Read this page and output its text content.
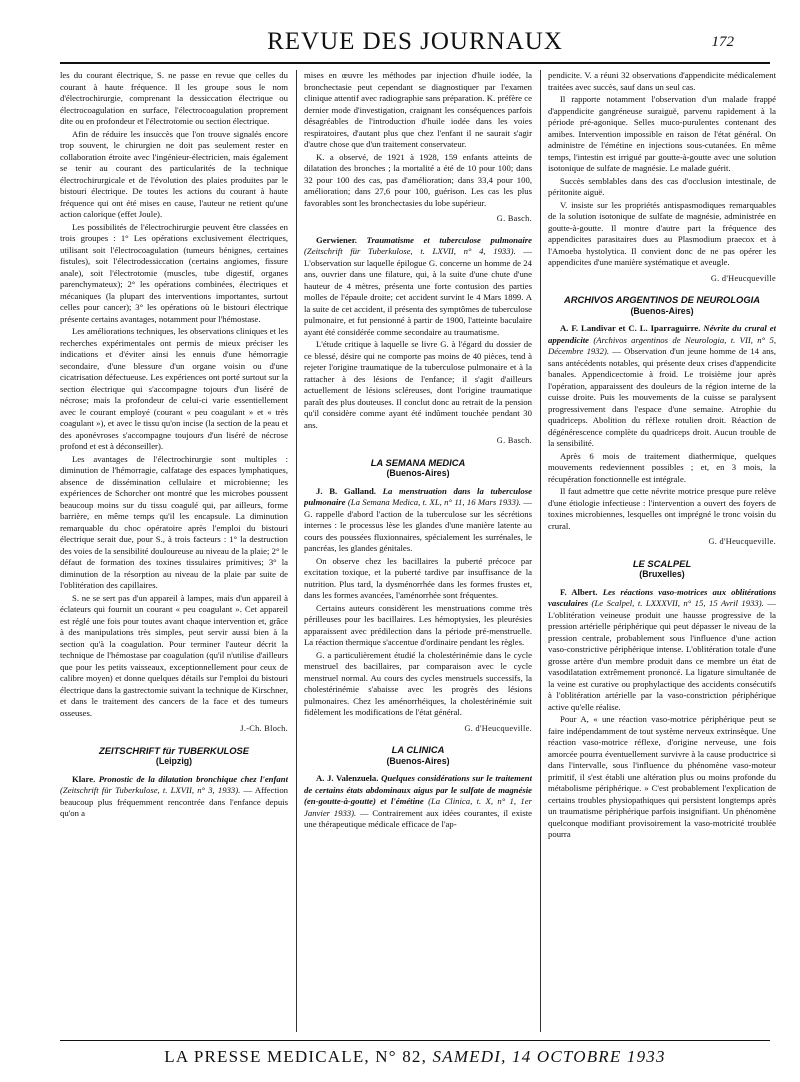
REVUE DES JOURNAUX	172

les du courant électrique, S. ne passe en revue que celles du courant à haute fréquence. Il les groupe sous le nom d'électrochirurgie, comprenant la dessiccation électrique ou électrocoagulation en surface, l'électrocoagulation proprement dite ou en profondeur et l'électrotomie ou section électrique.

Afin de réduire les insuccès que l'on trouve signalés encore trop souvent, le chirurgien ne doit pas seulement rester en collaboration étroite avec l'ingénieur-électricien, mais également se tenir au courant des particularités de la technique électrochirurgicale et de l'évolution des plaies produites par le bistouri électrique. De toutes les actions du courant à haute fréquence qui ont été mises en cause, l'auteur ne retient qu'une action calorique (effet Joule).

Les possibilités de l'électrochirurgie peuvent être classées en trois groupes : 1° Les opérations exclusivement électriques, utilisant soit l'électrocoagulation (tumeurs bénignes, certaines fistules), soit l'électrodessiccation (certains angiomes, fissure anale), soit l'électrotomie (muscles, tube digestif, organes parenchymateux); 2° les opérations combinées, électriques et mécaniques (la plupart des interventions importantes, surtout celles pour cancer); 3° les opérations où le bistouri électrique présente certains avantages, notamment pour l'hémostase.

Les améliorations techniques, les observations cliniques et les recherches expérimentales ont permis de mieux préciser les indications et d'éviter ainsi les ennuis d'une hémorragie secondaire, d'une blessure d'un organe voisin ou d'une cicatrisation défectueuse. Les expériences ont porté surtout sur la section électrique qui s'accompagne tojours d'un liséré de nécrose; mais la profondeur de celui-ci varie essentiellement avec le courant employé (courant « peu coagulant » et « très coagulant »), et avec le tissu qu'on incise (la section de la peau et des aponévroses s'accompagne toujours d'un liséré de nécrose profond et est à déconseiller).

Les avantages de l'électrochirurgie sont multiples : diminution de l'hémorragie, calfatage des espaces lymphatiques, absence de dissémination cellulaire et microbienne; les expériences de Schorcher ont montré que les microbes poussent beaucoup moins sur du tissu coagulé qui, par ailleurs, forme barrière, en même temps qu'il les encapsule. La diminution remarquable du choc opératoire après l'emploi du bistouri électrique serait due, pour S., à trois facteurs : 1° la destruction des voies de la sensibilité douloureuse au niveau de la plaie; 2° le défaut de formation des toxines tissulaires primitives; 3° la diminution de la résorption au niveau de la plaie par suite de l'oblitération des capillaires.

S. ne se sert pas d'un appareil à lampes, mais d'un appareil à éclateurs qui fournit un courant « peu coagulant ». Cet appareil est réglé une fois pour toutes avant chaque intervention et, grâce à des manipulations très simples, peut servir aussi bien à la section qu'à la coagulation. Pour terminer l'auteur décrit la technique de l'hémostase par coagulation (qu'il n'utilise d'ailleurs que pour les petits vaisseaux, exceptionnellement pour ceux de calibre moyen) et donne quelques détails sur l'emploi du bistouri électrique dans la gastrectomie suivant la technique de Kirschner, et dans le traitement des cancers de la face et des tumeurs osseuses.

J.-Ch. Bloch.
ZEITSCHRIFT für TUBERKULOSE
(Leipzig)

Klare. Pronostic de la dilatation bronchique chez l'enfant (Zeitschrift für Tuberkulose, t. LXVII, n° 3, 1933). — Affection beaucoup plus fréquemment rencontrée dans l'enfance depuis qu'on a

mises en œuvre les méthodes par injection d'huile iodée, la bronchectasie peut cependant se diagnostiquer par l'examen clinique attentif avec radiographie sans préparation. K. préfère ce dernier mode d'investigation, craignant les conséquences parfois désagréables de l'introduction d'huile iodée dans les voies respiratoires, d'autant plus que chez l'enfant il ne saurait s'agir d'autre chose que d'un traitement conservateur.

K. a observé, de 1921 à 1928, 159 enfants atteints de dilatation des bronches ; la mortalité a été de 10 pour 100; dans 32 pour 100 des cas, pas d'amélioration; dans 33,4 pour 100, amélioration; dans 27,6 pour 100, guérison. Les cas les plus favorables sont les bronchectasies du lobe supérieur.

G. Basch.

Gerwiener. Traumatisme et tuberculose pulmonaire (Zeitschrift für Tuberkulose, t. LXVII, n° 4, 1933). — L'observation sur laquelle épilogue G. concerne un homme de 24 ans, ouvrier dans une filature, qui, à la suite d'une chute d'une hauteur de 4 mètres, présenta une forte contusion des parties molles de l'épaule droite; cet accident survint le 4 Mars 1899. A la suite de cet accident, il présenta des symptômes de tuberculose pulmonaire, et fut pensionné à partir de 1900, l'atteinte baculaire ayant été considérée comme secondaire au traumatisme.

L'étude critique à laquelle se livre G. à l'égard du dossier de ce blessé, désire qui ne comporte pas moins de 40 pièces, tend à rejeter l'origine traumatique de la tuberculose pulmonaire et à la rattacher à des lésions de l'enfance; il s'agit d'ailleurs actuellement de lésions scléreuses, dont l'origine traumatique paraît des plus douteuses. Il conclut donc au retrait de la pension qu'il considère comme ayant été indûment touchée pendant 30 ans.

G. Basch.
LA SEMANA MEDICA
(Buenos-Aires)

J. B. Galland. La menstruation dans la tuberculose pulmonaire (La Semana Medica, t. XL, n° 11, 16 Mars 1933). — G. rappelle d'abord l'action de la tuberculose sur les sécrétions internes : le processus lèse les glandes d'une manière latente au cours des poussées fluxionnaires, spécialement les surrénales, le pancréas, les glandes génitales.

On observe chez les bacillaires la puberté précoce par excitation toxique, et la puberté tardive par insuffisance de la nutrition. Plus tard, la dysménorrhée dans les formes frustes et, dans les formes avancées, l'aménorrhée sont fréquentes.

Certains auteurs considèrent les menstruations comme très périlleuses pour les bacillaires. Les hémoptysies, les pleurésies apparaissent avec prédilection dans la période pré-menstruelle. La réaction thermique s'accentue d'ordinaire pendant les règles.

G. a particulièrement étudié la cholestérinémie dans le cycle menstruel des bacillaires, par comparaison avec le cycle menstruel normal. Au cours des cycles menstruels successifs, la cholestérinémie s'abaisse avec les progrès des lésions pulmonaires. Chez les aménorrhéiques, la cholestérinémie suit fidèlement les modifications de l'état général.

G. d'Heucqueville.
LA CLINICA
(Buenos-Aires)

A. J. Valenzuela. Quelques considérations sur le traitement de certains états abdominaux aigus par le sulfate de magnésie (en-goutte-à-goutte) et l'émétine (La Clinica, t. X, n° 1, 1er Janvier 1933). — Contrairement aux idées courantes, il existe une thérapeutique médicale efficace de l'ap-

pendicite. V. a réuni 32 observations d'appendicite médicalement traitées avec succès, sauf dans un seul cas.

Il rapporte notamment l'observation d'un malade frappé d'appendicite gangréneuse suraiguë, parvenu rapidement à la période pré-agonique. Selles muco-purulentes contenant des amibes. Intervention impossible en raison de l'état général. On administre de l'émétine en injections sous-cutanées. En même temps, l'intestin est irrigué par goutte-à-goutte avec une solution isotonique de sulfate de magnésie. Le malade guérit.

Succès semblables dans des cas d'occlusion intestinale, de péritonite aiguë.

V. insiste sur les propriétés antispasmodiques remarquables de la solution isotonique de sulfate de magnésie, administrée en goutte-à-goutte. Il montre d'autre part la fréquence des appendicites parasitaires dues au Plasmodium praecox et à l'Amoeba hystolytica. Il convient donc de ne pas opérer les appendicites d'une manière systématique et aveugle.

G. d'Heucqueville
ARCHIVOS ARGENTINOS DE NEUROLOGIA
(Buenos-Aires)

A. F. Landivar et C. L. Iparraguirre. Névrite du crural et appendicite (Archivos argentinos de Neurologia, t. VII, n° 5, Décembre 1932). — Observation d'un jeune homme de 14 ans, sans antécédents notables, qui présente deux crises d'appendicite banales. Appendicectomie à froid. Le troisième jour après l'opération, apparaissent des douleurs de la région interne de la cuisse droite. Puis les mouvements de la cuisse se paralysent progressivement dans l'espace d'une semaine. Atrophie du quadriceps. Abolition du réflexe rotulien droit. Réaction de dégénérescence complète du quadriceps droit. Aucun trouble de la sensibilité.

Après 6 mois de traitement diathermique, quelques mouvements redeviennent possibles ; et, en 3 mois, la récupération fonctionnelle est intégrale.

Il faut admettre que cette névrite motrice presque pure relève d'une étiologie infectieuse : l'intervention a ouvert des foyers de toxines microbiennes, lesquelles ont imprégné le tronc voisin du crural.

G. d'Heucqueville.
LE SCALPEL
(Bruxelles)

F. Albert. Les réactions vaso-motrices aux oblitérations vasculaires (Le Scalpel, t. LXXXVII, n° 15, 15 Avril 1933). — L'oblitération veineuse produit une hausse progressive de la pression artérielle périphérique qui peut dépasser le niveau de la pression centrale, probablement sous l'influence d'une action vaso-constrictive périphérique intense. L'oblitération totale d'une grosse artère d'un membre produit dans ce membre un état de vasodilatation extrêmement prononcé. La ligature simultanée de la veine est curative ou prophylactique des accidents consécutifs à l'oblitération artérielle par la vaso-constriction périphérique active qu'elle réalise.

Pour A, « une réaction vaso-motrice périphérique peut se faire indépendamment de tout système nerveux extrinsèque. Une réaction vaso-motrice réflexe, d'origine nerveuse, une fois amorcée pourra éventuellement survivre à la cause productrice si dans l'intervalle, sous l'influence du phénomène vaso-moteur primitif, il s'est établi une altération plus ou moins profonde du métabolisme périphérique. » C'est probablement l'explication de certains troubles physiopathiques qui persistent longtemps après un traumatisme périphérique parfois insignifiant. Un phénomène quelconque modifiant provisoirement la vaso-motricité troublée pourra

LA PRESSE MEDICALE, N° 82, SAMEDI, 14 OCTOBRE 1933
